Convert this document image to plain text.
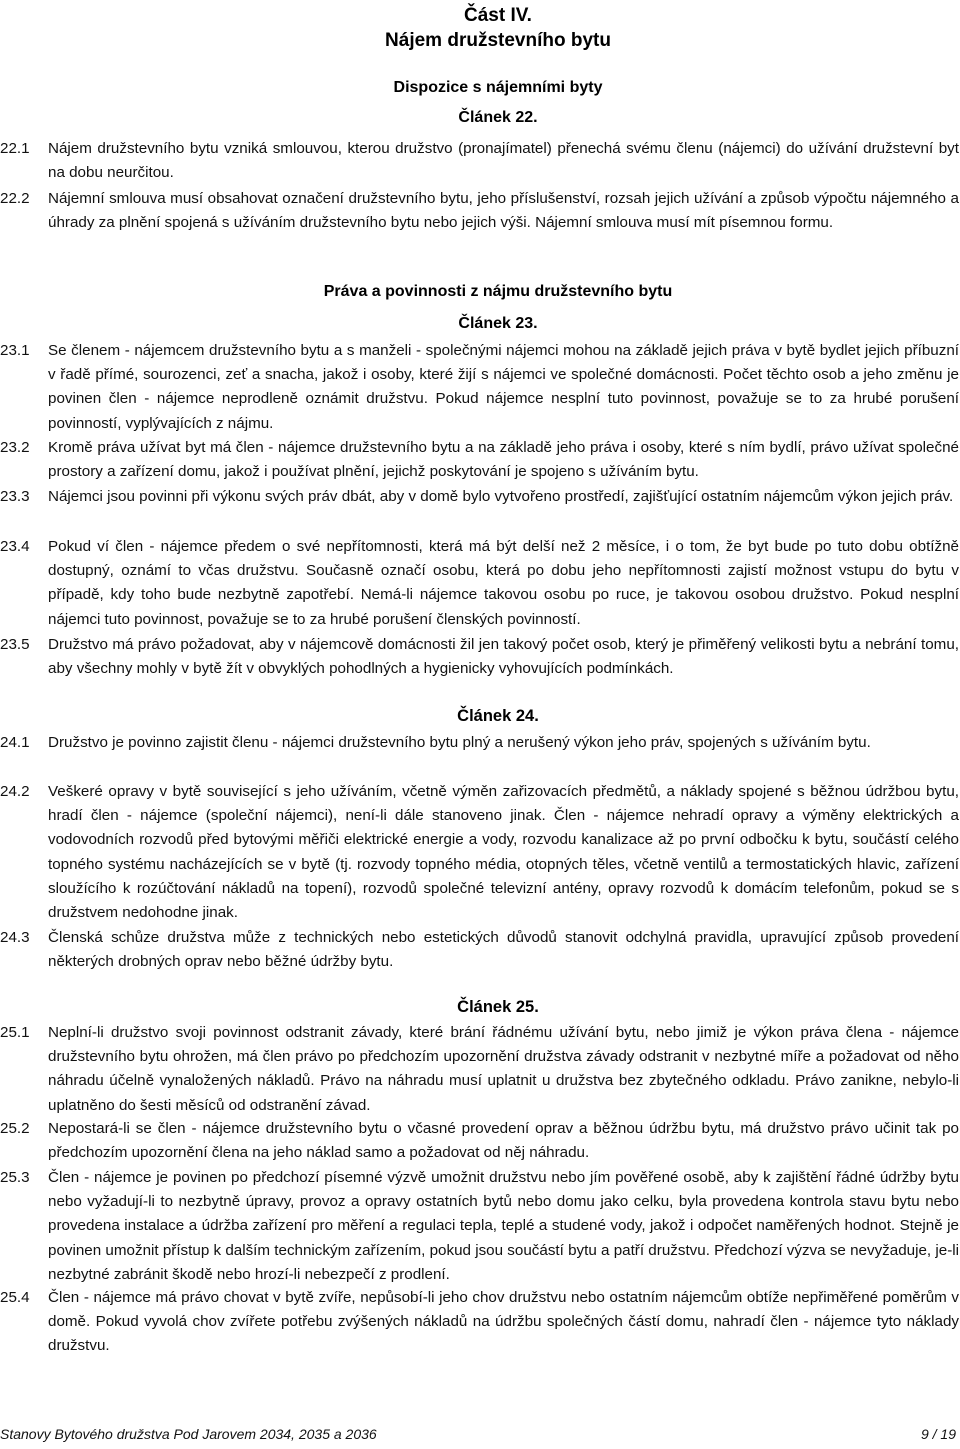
Část IV.
Nájem družstevního bytu
Dispozice s nájemními byty
Článek 22.
22.1	Nájem družstevního bytu vzniká smlouvou, kterou družstvo (pronajímatel) přenechá svému členu (nájemci) do užívání družstevní byt na dobu neurčitou.
22.2	Nájemní smlouva musí obsahovat označení družstevního bytu, jeho příslušenství, rozsah jejich užívání a způsob výpočtu nájemného a úhrady za plnění spojená s užíváním družstevního bytu nebo jejich výši. Nájemní smlouva musí mít písemnou formu.
Práva a povinnosti z nájmu družstevního bytu
Článek 23.
23.1	Se členem - nájemcem družstevního bytu a s manželi - společnými nájemci mohou na základě jejich práva v bytě bydlet jejich příbuzní v řadě přímé, sourozenci, zeť a snacha, jakož i osoby, které žijí s nájemci ve společné domácnosti. Počet těchto osob a jeho změnu je povinen člen - nájemce neprodleně oznámit družstvu. Pokud nájemce nesplní tuto povinnost, považuje se to za hrubé porušení povinností, vyplývajících z nájmu.
23.2	Kromě práva užívat byt má člen - nájemce družstevního bytu a na základě jeho práva i osoby, které s ním bydlí, právo užívat společné prostory a zařízení domu, jakož i používat plnění, jejichž poskytování je spojeno s užíváním bytu.
23.3	Nájemci jsou povinni při výkonu svých práv dbát, aby v domě bylo vytvořeno prostředí, zajišťující ostatním nájemcům výkon jejich práv.
23.4	Pokud ví člen - nájemce předem o své nepřítomnosti, která má být delší než 2 měsíce, i o tom, že byt bude po tuto dobu obtížně dostupný, oznámí to včas družstvu. Současně označí osobu, která po dobu jeho nepřítomnosti zajistí možnost vstupu do bytu v případě, kdy toho bude nezbytně zapotřebí. Nemá-li nájemce takovou osobu po ruce, je takovou osobou družstvo. Pokud nesplní nájemci tuto povinnost, považuje se to za hrubé porušení členských povinností.
23.5	Družstvo má právo požadovat, aby v nájemcově domácnosti žil jen takový počet osob, který je přiměřený velikosti bytu a nebrání tomu, aby všechny mohly v bytě žít v obvyklých pohodlných a hygienicky vyhovujících podmínkách.
Článek 24.
24.1	Družstvo je povinno zajistit členu - nájemci družstevního bytu plný a nerušený výkon jeho práv, spojených s užíváním bytu.
24.2	Veškeré opravy v bytě související s jeho užíváním, včetně výměn zařizovacích předmětů, a náklady spojené s běžnou údržbou bytu, hradí člen - nájemce (společní nájemci), není-li dále stanoveno jinak. Člen - nájemce nehradí opravy a výměny elektrických a vodovodních rozvodů před bytovými měřiči elektrické energie a vody, rozvodu kanalizace až po první odbočku k bytu, součástí celého topného systému nacházejících se v bytě (tj. rozvody topného média, otopných těles, včetně ventilů a termostatických hlavic, zařízení sloužícího k rozúčtování nákladů na topení), rozvodů společné televizní antény, opravy rozvodů k domácím telefonům, pokud se s družstvem nedohodne jinak.
24.3	Členská schůze družstva může z technických nebo estetických důvodů stanovit odchylná pravidla, upravující způsob provedení některých drobných oprav nebo běžné údržby bytu.
Článek 25.
25.1	Neplní-li družstvo svoji povinnost odstranit závady, které brání řádnému užívání bytu, nebo jimiž je výkon práva člena - nájemce družstevního bytu ohrožen, má člen právo po předchozím upozornění družstva závady odstranit v nezbytné míře a požadovat od něho náhradu účelně vynaložených nákladů. Právo na náhradu musí uplatnit u družstva bez zbytečného odkladu. Právo zanikne, nebylo-li uplatněno do šesti měsíců od odstranění závad.
25.2	Nepostará-li se člen - nájemce družstevního bytu o včasné provedení oprav a běžnou údržbu bytu, má družstvo právo učinit tak po předchozím upozornění člena na jeho náklad samo a požadovat od něj náhradu.
25.3	Člen - nájemce je povinen po předchozí písemné výzvě umožnit družstvu nebo jím pověřené osobě, aby k zajištění řádné údržby bytu nebo vyžadují-li to nezbytně úpravy, provoz a opravy ostatních bytů nebo domu jako celku, byla provedena kontrola stavu bytu nebo provedena instalace a údržba zařízení pro měření a regulaci tepla, teplé a studené vody, jakož i odpočet naměřených hodnot. Stejně je povinen umožnit přístup k dalším technickým zařízením, pokud jsou součástí bytu a patří družstvu. Předchozí výzva se nevyžaduje, je-li nezbytné zabránit škodě nebo hrozí-li nebezpečí z prodlení.
25.4	Člen - nájemce má právo chovat v bytě zvíře, nepůsobí-li jeho chov družstvu nebo ostatním nájemcům obtíže nepřiměřené poměrům v domě. Pokud vyvolá chov zvířete potřebu zvýšených nákladů na údržbu společných částí domu, nahradí člen - nájemce tyto náklady družstvu.
Stanovy Bytového družstva Pod Jarovem 2034, 2035 a 2036	9 / 19
